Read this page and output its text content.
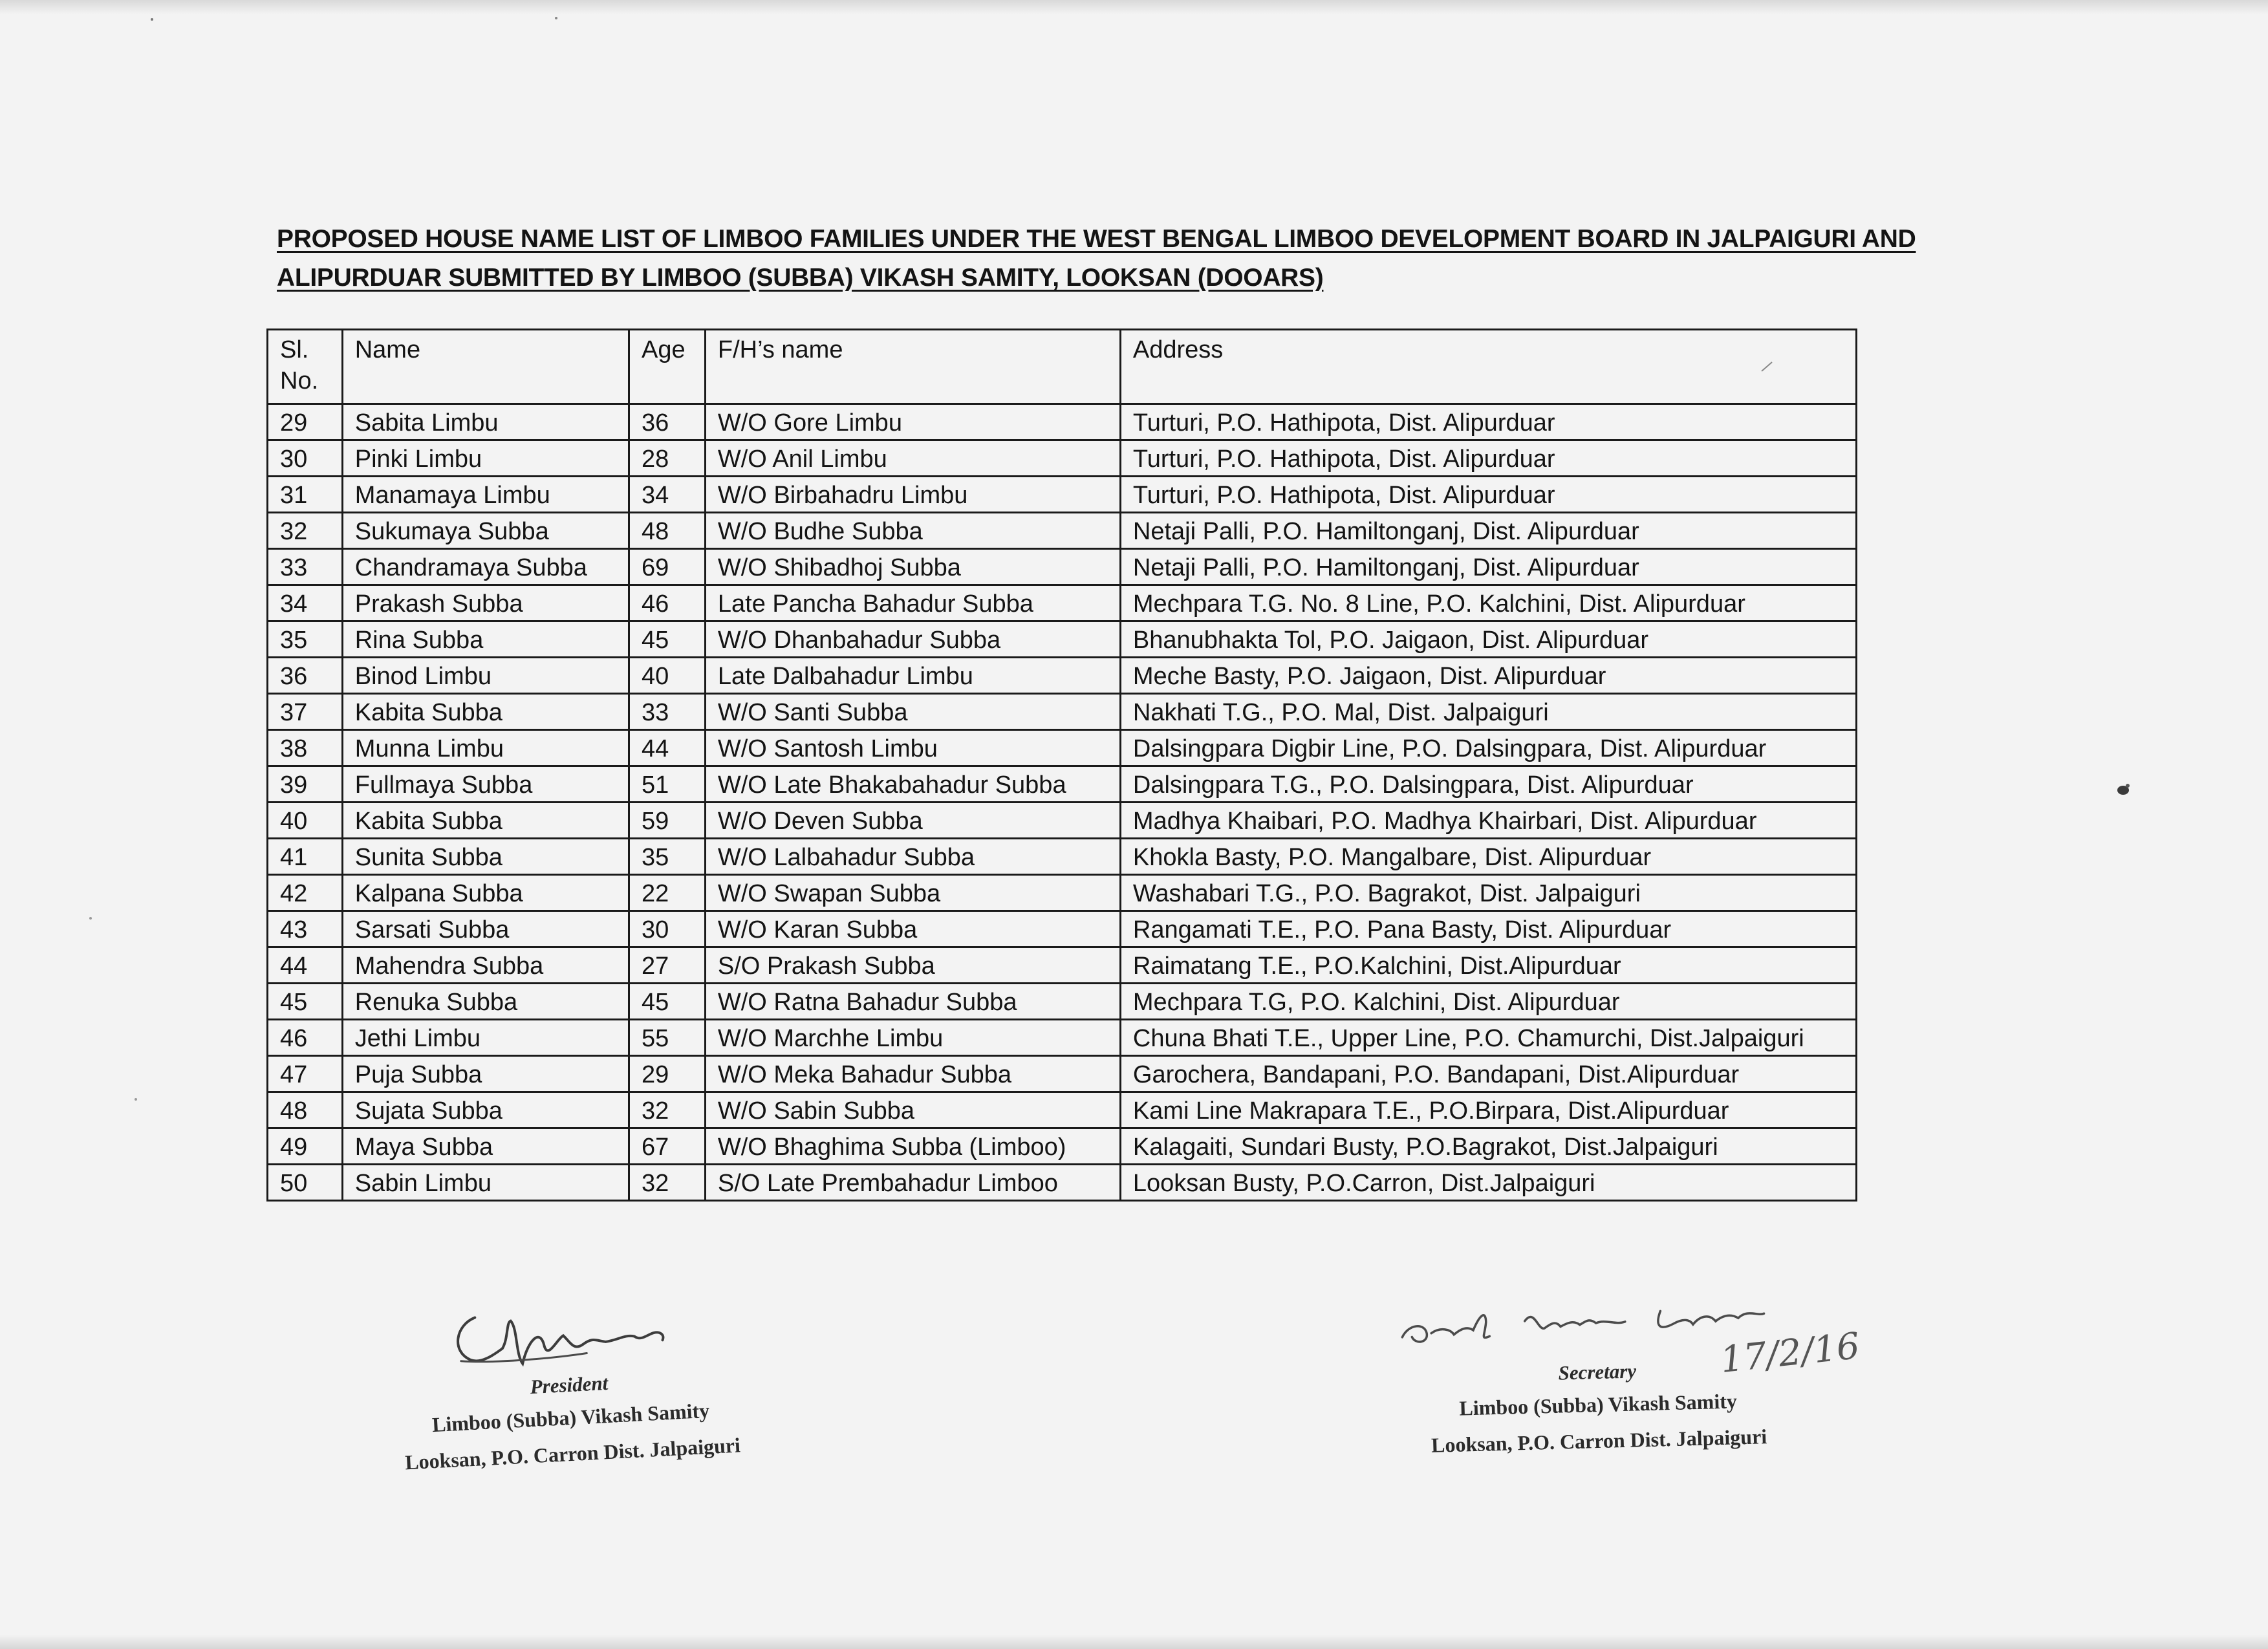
PROPOSED HOUSE NAME LIST OF LIMBOO FAMILIES UNDER THE WEST BENGAL LIMBOO DEVELOPMENT BOARD IN JALPAIGURI AND
ALIPURDUAR SUBMITTED BY LIMBOO (SUBBA) VIKASH SAMITY, LOOKSAN (DOOARS)
Sl.
No.	Name	Age	F/H’s name	Address
29	Sabita Limbu	36	W/O Gore Limbu	Turturi, P.O. Hathipota, Dist. Alipurduar
30	Pinki Limbu	28	W/O Anil Limbu	Turturi, P.O. Hathipota, Dist. Alipurduar
31	Manamaya Limbu	34	W/O Birbahadru Limbu	Turturi, P.O. Hathipota, Dist. Alipurduar
32	Sukumaya Subba	48	W/O Budhe Subba	Netaji Palli, P.O. Hamiltonganj, Dist. Alipurduar
33	Chandramaya Subba	69	W/O Shibadhoj Subba	Netaji Palli, P.O. Hamiltonganj, Dist. Alipurduar
34	Prakash Subba	46	Late Pancha Bahadur Subba	Mechpara T.G. No. 8 Line, P.O. Kalchini, Dist. Alipurduar
35	Rina Subba	45	W/O Dhanbahadur Subba	Bhanubhakta Tol, P.O. Jaigaon, Dist. Alipurduar
36	Binod Limbu	40	Late Dalbahadur Limbu	Meche Basty, P.O. Jaigaon, Dist. Alipurduar
37	Kabita Subba	33	W/O Santi Subba	Nakhati T.G., P.O. Mal, Dist. Jalpaiguri
38	Munna Limbu	44	W/O Santosh Limbu	Dalsingpara Digbir Line, P.O. Dalsingpara, Dist. Alipurduar
39	Fullmaya Subba	51	W/O Late Bhakabahadur Subba	Dalsingpara T.G., P.O. Dalsingpara, Dist. Alipurduar
40	Kabita Subba	59	W/O Deven Subba	Madhya Khaibari, P.O. Madhya Khairbari, Dist. Alipurduar
41	Sunita Subba	35	W/O Lalbahadur Subba	Khokla Basty, P.O. Mangalbare, Dist. Alipurduar
42	Kalpana Subba	22	W/O Swapan Subba	Washabari T.G., P.O. Bagrakot, Dist. Jalpaiguri
43	Sarsati Subba	30	W/O Karan Subba	Rangamati T.E., P.O. Pana Basty, Dist. Alipurduar
44	Mahendra Subba	27	S/O Prakash Subba	Raimatang T.E., P.O.Kalchini, Dist.Alipurduar
45	Renuka Subba	45	W/O Ratna Bahadur Subba	Mechpara T.G, P.O. Kalchini, Dist. Alipurduar
46	Jethi Limbu	55	W/O Marchhe Limbu	Chuna Bhati T.E., Upper Line, P.O. Chamurchi, Dist.Jalpaiguri
47	Puja Subba	29	W/O Meka Bahadur Subba	Garochera, Bandapani, P.O. Bandapani, Dist.Alipurduar
48	Sujata Subba	32	W/O Sabin Subba	Kami Line Makrapara T.E., P.O.Birpara, Dist.Alipurduar
49	Maya Subba	67	W/O Bhaghima Subba (Limboo)	Kalagaiti, Sundari Busty, P.O.Bagrakot, Dist.Jalpaiguri
50	Sabin Limbu	32	S/O Late Prembahadur Limboo	Looksan Busty, P.O.Carron, Dist.Jalpaiguri
President
Limboo (Subba) Vikash Samity
Looksan, P.O. Carron Dist. Jalpaiguri
Secretary
Limboo (Subba) Vikash Samity
Looksan, P.O. Carron Dist. Jalpaiguri
17/2/16
